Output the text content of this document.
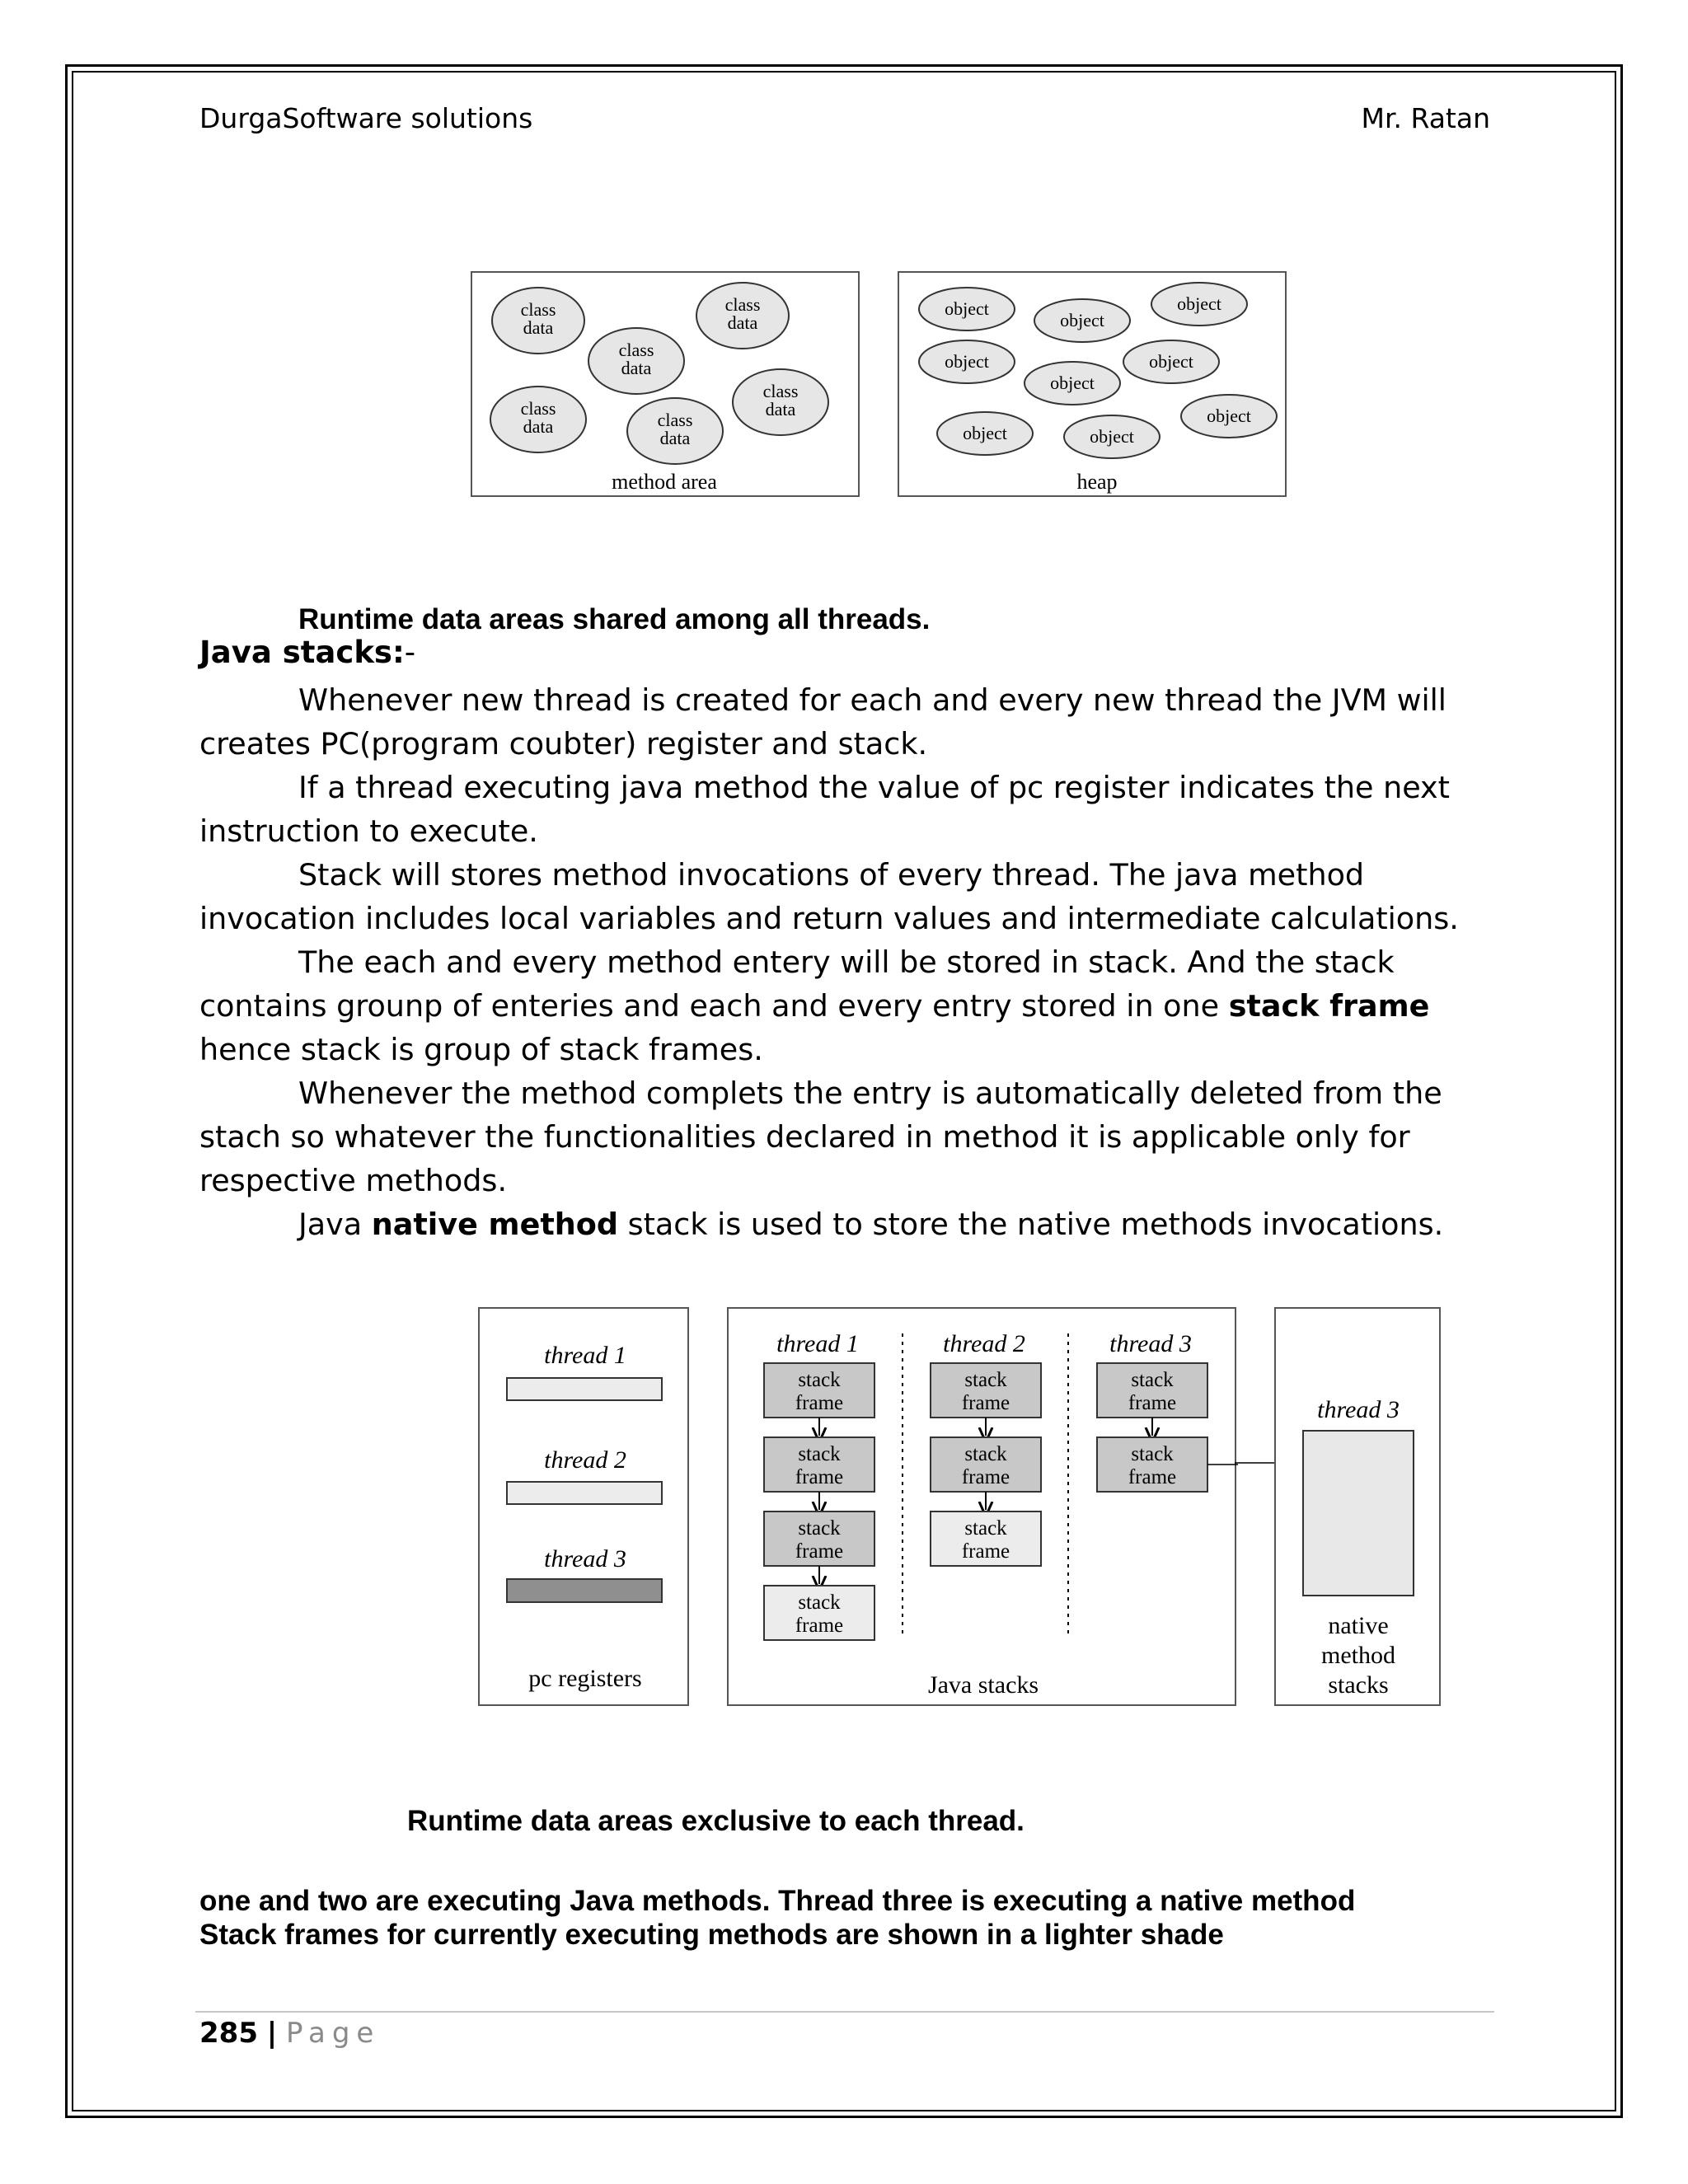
DurgaSoftware solutions	Mr. Ratan
class
data
class
data
class
data
class
data
class
data	class
data
method area
object
object
object
object
object
object
object
object	object
heap
Runtime data areas shared among all threads.
Java stacks:-

Whenever new thread is created for each and every new thread the JVM will creates PC(program coubter) register and stack.

If a thread executing java method the value of pc register indicates the next instruction to execute.

Stack will stores method invocations of every thread. The java method invocation includes local variables and return values and intermediate calculations.

The each and every method entery will be stored in stack. And the stack contains grounp of enteries and each and every entry stored in one stack frame hence stack is group of stack frames.

Whenever the method complets the entry is automatically deleted from the stach so whatever the functionalities declared in method it is applicable only for respective methods.

Java native method stack is used to store the native methods invocations.

thread 1
thread 2
thread 3
pc registers
thread 1	thread 2	thread 3
stack
frame
stack
frame
stack
frame
stack
frame
stack
frame
stack
frame
stack
frame
stack
frame
stack
frame
Java stacks
thread 3
native
method
stacks
Runtime data areas exclusive to each thread.
one and two are executing Java methods. Thread three is executing a native method
Stack frames for currently executing methods are shown in a lighter shade
285 | Page
